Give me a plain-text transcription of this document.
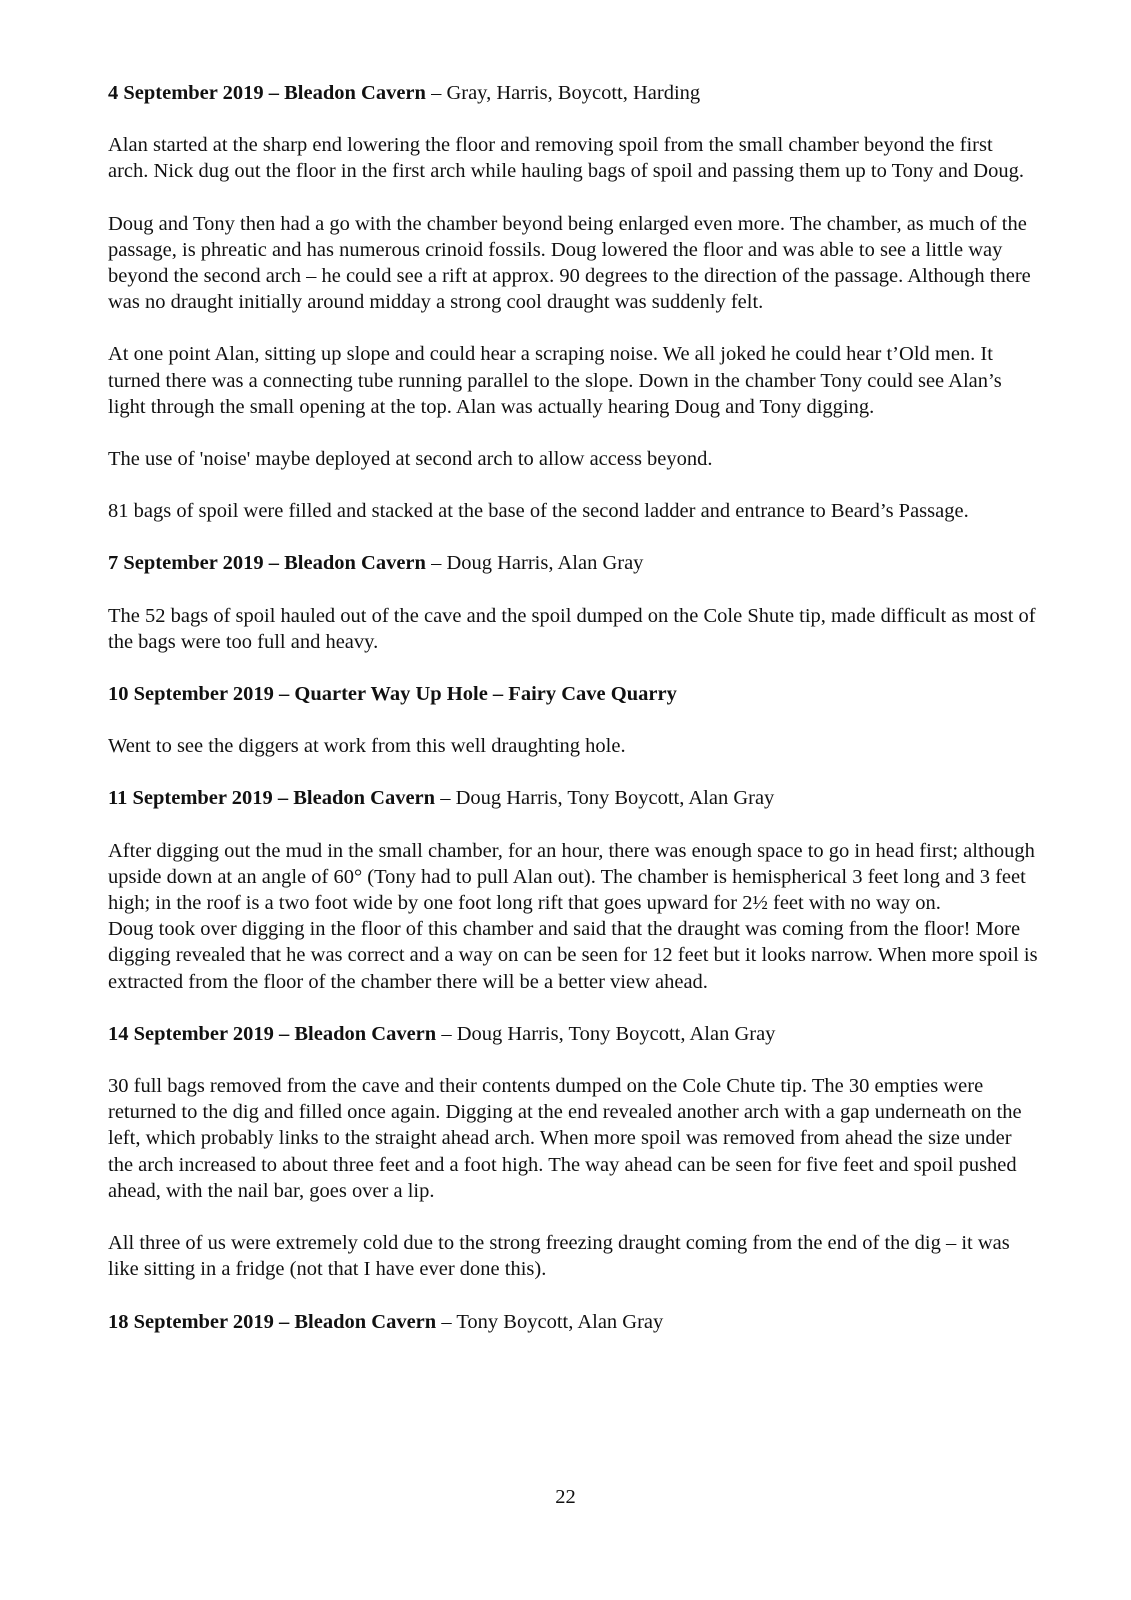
4 September 2019 – Bleadon Cavern – Gray, Harris, Boycott, Harding

Alan started at the sharp end lowering the floor and removing spoil from the small chamber beyond the first arch. Nick dug out the floor in the first arch while hauling bags of spoil and passing them up to Tony and Doug.

Doug and Tony then had a go with the chamber beyond being enlarged even more. The chamber, as much of the passage, is phreatic and has numerous crinoid fossils. Doug lowered the floor and was able to see a little way beyond the second arch – he could see a rift at approx. 90 degrees to the direction of the passage. Although there was no draught initially around midday a strong cool draught was suddenly felt.

At one point Alan, sitting up slope and could hear a scraping noise. We all joked he could hear t’Old men. It turned there was a connecting tube running parallel to the slope. Down in the chamber Tony could see Alan’s light through the small opening at the top. Alan was actually hearing Doug and Tony digging.

The use of 'noise' maybe deployed at second arch to allow access beyond.

81 bags of spoil were filled and stacked at the base of the second ladder and entrance to Beard’s Passage.

7 September 2019 – Bleadon Cavern – Doug Harris, Alan Gray

The 52 bags of spoil hauled out of the cave and the spoil dumped on the Cole Shute tip, made difficult as most of the bags were too full and heavy.

10 September 2019 – Quarter Way Up Hole – Fairy Cave Quarry

Went to see the diggers at work from this well draughting hole.

11 September 2019 – Bleadon Cavern – Doug Harris, Tony Boycott, Alan Gray

After digging out the mud in the small chamber, for an hour, there was enough space to go in head first; although upside down at an angle of 60° (Tony had to pull Alan out). The chamber is hemispherical 3 feet long and 3 feet high; in the roof is a two foot wide by one foot long rift that goes upward for 2½ feet with no way on.

Doug took over digging in the floor of this chamber and said that the draught was coming from the floor! More digging revealed that he was correct and a way on can be seen for 12 feet but it looks narrow. When more spoil is extracted from the floor of the chamber there will be a better view ahead.

14 September 2019 – Bleadon Cavern – Doug Harris, Tony Boycott, Alan Gray

30 full bags removed from the cave and their contents dumped on the Cole Chute tip. The 30 empties were returned to the dig and filled once again. Digging at the end revealed another arch with a gap underneath on the left, which probably links to the straight ahead arch. When more spoil was removed from ahead the size under the arch increased to about three feet and a foot high. The way ahead can be seen for five feet and spoil pushed ahead, with the nail bar, goes over a lip.

All three of us were extremely cold due to the strong freezing draught coming from the end of the dig – it was like sitting in a fridge (not that I have ever done this).

18 September 2019 – Bleadon Cavern – Tony Boycott, Alan Gray
22
